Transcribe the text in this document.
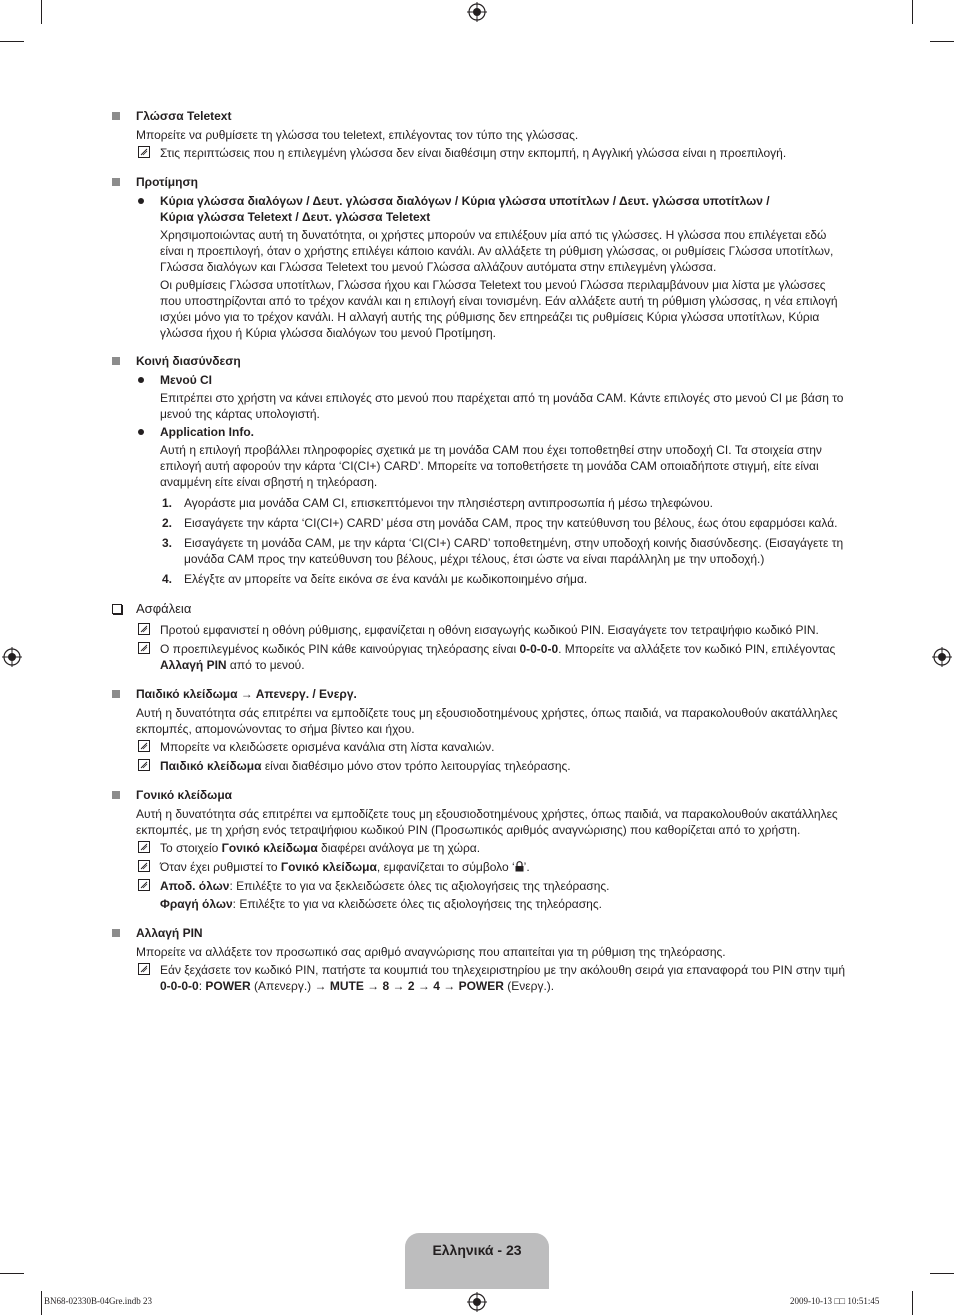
Γλώσσα Teletext
Μπορείτε να ρυθμίσετε τη γλώσσα του teletext, επιλέγοντας τον τύπο της γλώσσας.
Στις περιπτώσεις που η επιλεγμένη γλώσσα δεν είναι διαθέσιμη στην εκπομπή, η Αγγλική γλώσσα είναι η προεπιλογή.
Προτίμηση
Κύρια γλώσσα διαλόγων / Δευτ. γλώσσα διαλόγων / Κύρια γλώσσα υποτίτλων / Δευτ. γλώσσα υποτίτλων /
Κύρια γλώσσα Teletext / Δευτ. γλώσσα Teletext
Χρησιμοποιώντας αυτή τη δυνατότητα, οι χρήστες μπορούν να επιλέξουν μία από τις γλώσσες. Η γλώσσα που επιλέγεται εδώ είναι η προεπιλογή, όταν ο χρήστης επιλέγει κάποιο κανάλι. Αν αλλάξετε τη ρύθμιση γλώσσας, οι ρυθμίσεις Γλώσσα υποτίτλων, Γλώσσα διαλόγων και Γλώσσα Teletext του μενού Γλώσσα αλλάζουν αυτόματα στην επιλεγμένη γλώσσα.
Οι ρυθμίσεις Γλώσσα υποτίτλων, Γλώσσα ήχου και Γλώσσα Teletext του μενού Γλώσσα περιλαμβάνουν μια λίστα με γλώσσες που υποστηρίζονται από το τρέχον κανάλι και η επιλογή είναι τονισμένη. Εάν αλλάξετε αυτή τη ρύθμιση γλώσσας, η νέα επιλογή ισχύει μόνο για το τρέχον κανάλι. Η αλλαγή αυτής της ρύθμισης δεν επηρεάζει τις ρυθμίσεις Κύρια γλώσσα υποτίτλων, Κύρια γλώσσα ήχου ή Κύρια γλώσσα διαλόγων του μενού Προτίμηση.
Κοινή διασύνδεση
Μενού CI
Επιτρέπει στο χρήστη να κάνει επιλογές στο μενού που παρέχεται από τη μονάδα CAM. Κάντε επιλογές στο μενού CI με βάση το μενού της κάρτας υπολογιστή.
Application Info.
Αυτή η επιλογή προβάλλει πληροφορίες σχετικά με τη μονάδα CAM που έχει τοποθετηθεί στην υποδοχή CI. Τα στοιχεία στην επιλογή αυτή αφορούν την κάρτα ‘CI(CI+) CARD’. Μπορείτε να τοποθετήσετε τη μονάδα CAM οποιαδήποτε στιγμή, είτε είναι αναμμένη είτε είναι σβηστή η τηλεόραση.
1. Αγοράστε μια μονάδα CAM CI, επισκεπτόμενοι την πλησιέστερη αντιπροσωπία ή μέσω τηλεφώνου.
2. Εισαγάγετε την κάρτα ‘CI(CI+) CARD’ μέσα στη μονάδα CAM, προς την κατεύθυνση του βέλους, έως ότου εφαρμόσει καλά.
3. Εισαγάγετε τη μονάδα CAM, με την κάρτα ‘CI(CI+) CARD’ τοποθετημένη, στην υποδοχή κοινής διασύνδεσης. (Εισαγάγετε τη μονάδα CAM προς την κατεύθυνση του βέλους, μέχρι τέλους, έτσι ώστε να είναι παράλληλη με την υποδοχή.)
4. Ελέγξτε αν μπορείτε να δείτε εικόνα σε ένα κανάλι με κωδικοποιημένο σήμα.
Ασφάλεια
Προτού εμφανιστεί η οθόνη ρύθμισης, εμφανίζεται η οθόνη εισαγωγής κωδικού PIN. Εισαγάγετε τον τετραψήφιο κωδικό PIN.
Ο προεπιλεγμένος κωδικός PIN κάθε καινούργιας τηλεόρασης είναι 0-0-0-0. Μπορείτε να αλλάξετε τον κωδικό PIN, επιλέγοντας Αλλαγή PIN από το μενού.
Παιδικό κλείδωμα → Απενεργ. / Ενεργ.
Αυτή η δυνατότητα σάς επιτρέπει να εμποδίζετε τους μη εξουσιοδοτημένους χρήστες, όπως παιδιά, να παρακολουθούν ακατάλληλες εκπομπές, απομονώνοντας το σήμα βίντεο και ήχου.
Μπορείτε να κλειδώσετε ορισμένα κανάλια στη λίστα καναλιών.
Παιδικό κλείδωμα είναι διαθέσιμο μόνο στον τρόπο λειτουργίας τηλεόρασης.
Γονικό κλείδωμα
Αυτή η δυνατότητα σάς επιτρέπει να εμποδίζετε τους μη εξουσιοδοτημένους χρήστες, όπως παιδιά, να παρακολουθούν ακατάλληλες εκπομπές, με τη χρήση ενός τετραψήφιου κωδικού PIN (Προσωπικός αριθμός αναγνώρισης) που καθορίζεται από το χρήστη.
Το στοιχείο Γονικό κλείδωμα διαφέρει ανάλογα με τη χώρα.
Όταν έχει ρυθμιστεί το Γονικό κλείδωμα, εμφανίζεται το σύμβολο ‘ ’.
Αποδ. όλων: Επιλέξτε το για να ξεκλειδώσετε όλες τις αξιολογήσεις της τηλεόρασης.
Φραγή όλων: Επιλέξτε το για να κλειδώσετε όλες τις αξιολογήσεις της τηλεόρασης.
Αλλαγή PIN
Μπορείτε να αλλάξετε τον προσωπικό σας αριθμό αναγνώρισης που απαιτείται για τη ρύθμιση της τηλεόρασης.
Εάν ξεχάσετε τον κωδικό PIN, πατήστε τα κουμπιά του τηλεχειριστηρίου με την ακόλουθη σειρά για επαναφορά του PIN στην τιμή 0-0-0-0: POWER (Απενεργ.) → MUTE → 8 → 2 → 4 → POWER (Ενεργ.).
Ελληνικά - 23
BN68-02330B-04Gre.indb 23	2009-10-13 □□ 10:51:45
